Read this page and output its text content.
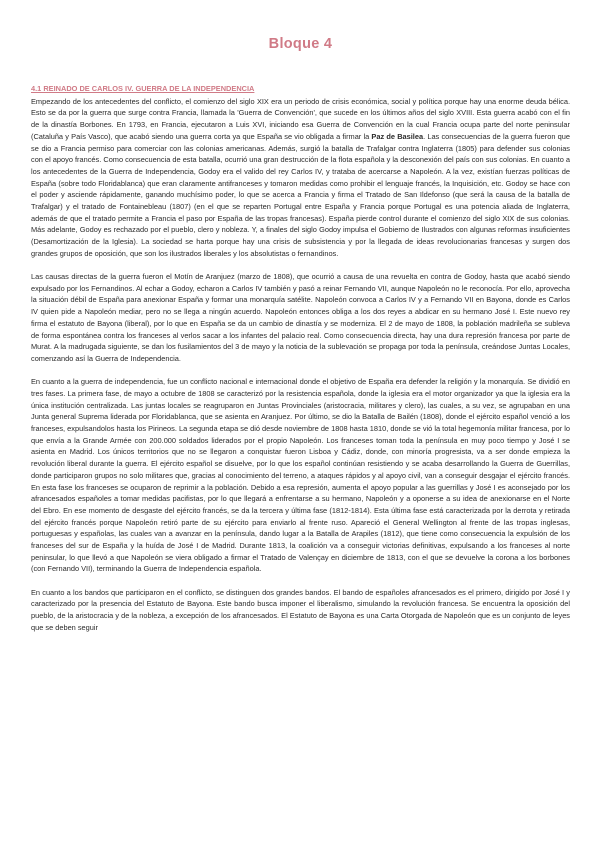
Bloque 4
4.1 REINADO DE CARLOS IV. GUERRA DE LA INDEPENDENCIA

Empezando de los antecedentes del conflicto, el comienzo del siglo XIX era un periodo de crisis económica, social y política porque hay una enorme deuda bélica. Esto se da por la guerra que surge contra Francia, llamada la 'Guerra de Convención', que sucede en los últimos años del siglo XVIII. Esta guerra acabó con el fin de la dinastía Borbones. En 1793, en Francia, ejecutaron a Luis XVI, iniciando esa Guerra de Convención en la cual Francia ocupa parte del norte peninsular (Cataluña y País Vasco), que acabó siendo una guerra corta ya que España se vio obligada a firmar la Paz de Basilea. Las consecuencias de la guerra fueron que se dio a Francia permiso para comerciar con las colonias americanas. Además, surgió la batalla de Trafalgar contra Inglaterra (1805) para defender sus colonias con el apoyo francés. Como consecuencia de esta batalla, ocurrió una gran destrucción de la flota española y la desconexión del país con sus colonias. En cuanto a los antecedentes de la Guerra de Independencia, Godoy era el valido del rey Carlos IV, y trataba de acercarse a Napoleón. A la vez, existían fuerzas políticas de España (sobre todo Floridablanca) que eran claramente antifranceses y tomaron medidas como prohibir el lenguaje francés, la Inquisición, etc. Godoy se hace con el poder y asciende rápidamente, ganando muchísimo poder, lo que se acerca a Francia y firma el Tratado de San Ildefonso (que será la causa de la batalla de Trafalgar) y el tratado de Fontainebleau (1807) (en el que se reparten Portugal entre España y Francia porque Portugal es una potencia aliada de Inglaterra, además de que el tratado permite a Francia el paso por España de las tropas francesas). España pierde control durante el comienzo del siglo XIX de sus colonias. Más adelante, Godoy es rechazado por el pueblo, clero y nobleza. Y, a finales del siglo Godoy impulsa el Gobierno de Ilustrados con algunas reformas insuficientes (Desamortización de la Iglesia). La sociedad se harta porque hay una crisis de subsistencia y por la llegada de ideas revolucionarias francesas y surgen dos grandes grupos de oposición, que son los ilustrados liberales y los absolutistas o fernandinos.

Las causas directas de la guerra fueron el Motín de Aranjuez (marzo de 1808), que ocurrió a causa de una revuelta en contra de Godoy, hasta que acabó siendo expulsado por los Fernandinos. Al echar a Godoy, echaron a Carlos IV también y pasó a reinar Fernando VII, aunque Napoleón no le reconocía. Por ello, aprovecha la situación débil de España para anexionar España y formar una monarquía satélite. Napoleón convoca a Carlos IV y a Fernando VII en Bayona, donde es Carlos IV quien pide a Napoleón mediar, pero no se llega a ningún acuerdo. Napoleón entonces obliga a los dos reyes a abdicar en su hermano José I. Este nuevo rey firma el estatuto de Bayona (liberal), por lo que en España se da un cambio de dinastía y se moderniza. El 2 de mayo de 1808, la población madrileña se subleva de forma espontánea contra los franceses al verlos sacar a los infantes del palacio real. Como consecuencia directa, hay una dura represión francesa por parte de Murat. A la madrugada siguiente, se dan los fusilamientos del 3 de mayo y la noticia de la sublevación se propaga por toda la península, creándose Juntas Locales, comenzando así la Guerra de Independencia.

En cuanto a la guerra de independencia, fue un conflicto nacional e internacional donde el objetivo de España era defender la religión y la monarquía. Se dividió en tres fases. La primera fase, de mayo a octubre de 1808 se caracterizó por la resistencia española, donde la iglesia era el motor organizador ya que la iglesia era la única institución centralizada. Las juntas locales se reagruparon en Juntas Provinciales (aristocracia, militares y clero), las cuales, a su vez, se agrupaban en una Junta general Suprema liderada por Floridablanca, que se asienta en Aranjuez. Por último, se dio la Batalla de Bailén (1808), donde el ejército español venció a los franceses, expulsandolos hasta los Pirineos. La segunda etapa se dió desde noviembre de 1808 hasta 1810, donde se vió la total hegemonía militar francesa, por lo que envía a la Grande Armée con 200.000 soldados liderados por el propio Napoleón. Los franceses toman toda la península en muy poco tiempo y José I se asienta en Madrid. Los únicos territorios que no se llegaron a conquistar fueron Lisboa y Cádiz, donde, con minoría progresista, va a ser donde empieza la revolución liberal durante la guerra. El ejército español se disuelve, por lo que los español continúan resistiendo y se acaba desarrollando la Guerra de Guerrillas, donde participaron grupos no solo militares que, gracias al conocimiento del terreno, a ataques rápidos y al apoyo civil, van a conseguir desgajar el ejército francés. En esta fase los franceses se ocuparon de reprimir a la población. Debido a esa represión, aumenta el apoyo popular a las guerrillas y José I es aconsejado por los afrancesados españoles a tomar medidas pacifistas, por lo que llegará a enfrentarse a su hermano, Napoleón y a oponerse a su idea de anexionarse en el Norte del Ebro. En ese momento de desgaste del ejército francés, se da la tercera y última fase (1812-1814). Esta última fase está caracterizada por la derrota y retirada del ejército francés porque Napoleón retiró parte de su ejército para enviarlo al frente ruso. Apareció el General Wellington al frente de las tropas inglesas, portuguesas y españolas, las cuales van a avanzar en la península, dando lugar a la Batalla de Arapiles (1812), que tiene como consecuencia la expulsión de los franceses del sur de España y la huída de José I de Madrid. Durante 1813, la coalición va a conseguir victorias definitivas, expulsando a los franceses al norte peninsular, lo que llevó a que Napoleón se viera obligado a firmar el Tratado de Valençay en diciembre de 1813, con el que se devuelve la corona a los borbones (con Fernando VII), terminando la Guerra de Independencia española.

En cuanto a los bandos que participaron en el conflicto, se distinguen dos grandes bandos. El bando de españoles afrancesados es el primero, dirigido por José I y caracterizado por la presencia del Estatuto de Bayona. Este bando busca imponer el liberalismo, simulando la revolución francesa. Se encuentra la oposición del pueblo, de la aristocracia y de la nobleza, a excepción de los afrancesados. El Estatuto de Bayona es una Carta Otorgada de Napoleón que es un conjunto de leyes que se deben seguir
